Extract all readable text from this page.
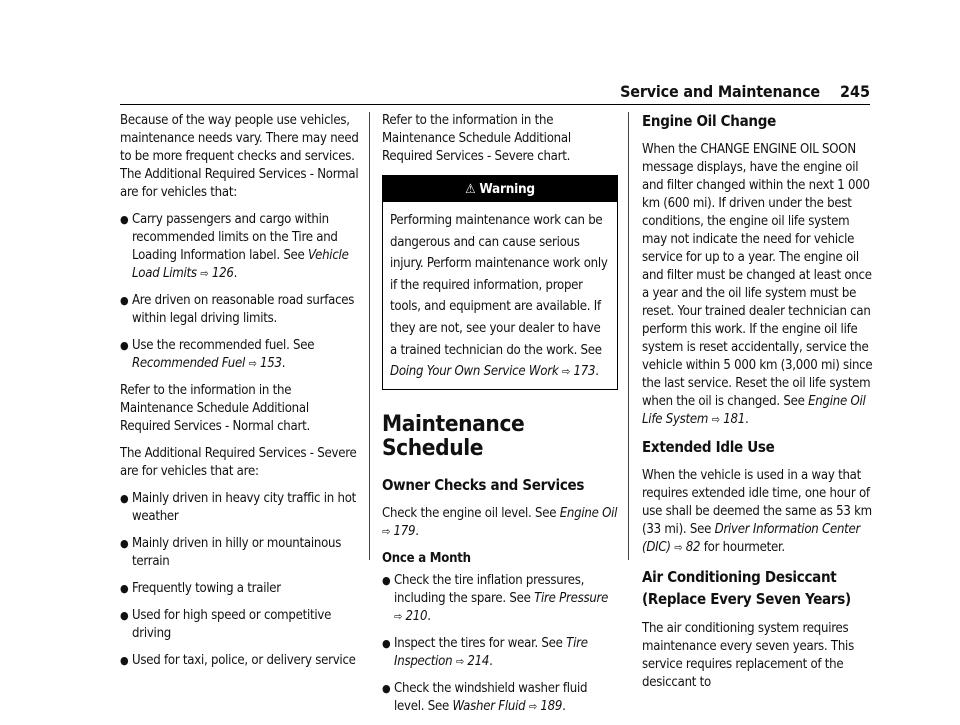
Service and Maintenance 245

Because of the way people use vehicles, maintenance needs vary. There may need to be more frequent checks and services. The Additional Required Services - Normal are for vehicles that:

● Carry passengers and cargo within recommended limits on the Tire and Loading Information label. See Vehicle Load Limits ⇨ 126.
● Are driven on reasonable road surfaces within legal driving limits.
● Use the recommended fuel. See Recommended Fuel ⇨ 153.

Refer to the information in the Maintenance Schedule Additional Required Services - Normal chart.

The Additional Required Services - Severe are for vehicles that are:

● Mainly driven in heavy city traffic in hot weather
● Mainly driven in hilly or mountainous terrain
● Frequently towing a trailer
● Used for high speed or competitive driving
● Used for taxi, police, or delivery service

Refer to the information in the Maintenance Schedule Additional Required Services - Severe chart.

⚠ Warning
Performing maintenance work can be dangerous and can cause serious injury. Perform maintenance work only if the required information, proper tools, and equipment are available. If they are not, see your dealer to have a trained technician do the work. See Doing Your Own Service Work ⇨ 173.
Maintenance Schedule
Owner Checks and Services

Check the engine oil level. See Engine Oil
⇨ 179.

Once a Month
● Check the tire inflation pressures, including the spare. See Tire Pressure
⇨ 210.
● Inspect the tires for wear. See Tire Inspection ⇨ 214.
● Check the windshield washer fluid level. See Washer Fluid ⇨ 189.
Engine Oil Change

When the CHANGE ENGINE OIL SOON message displays, have the engine oil and filter changed within the next 1 000 km (600 mi). If driven under the best conditions, the engine oil life system may not indicate the need for vehicle service for up to a year. The engine oil and filter must be changed at least once a year and the oil life system must be reset. Your trained dealer technician can perform this work. If the engine oil life system is reset accidentally, service the vehicle within 5 000 km (3,000 mi) since the last service. Reset the oil life system when the oil is changed. See Engine Oil Life System ⇨ 181.

Extended Idle Use

When the vehicle is used in a way that requires extended idle time, one hour of use shall be deemed the same as 53 km (33 mi). See Driver Information Center (DIC) ⇨ 82 for hourmeter.

Air Conditioning Desiccant (Replace Every Seven Years)

The air conditioning system requires maintenance every seven years. This service requires replacement of the desiccant to
